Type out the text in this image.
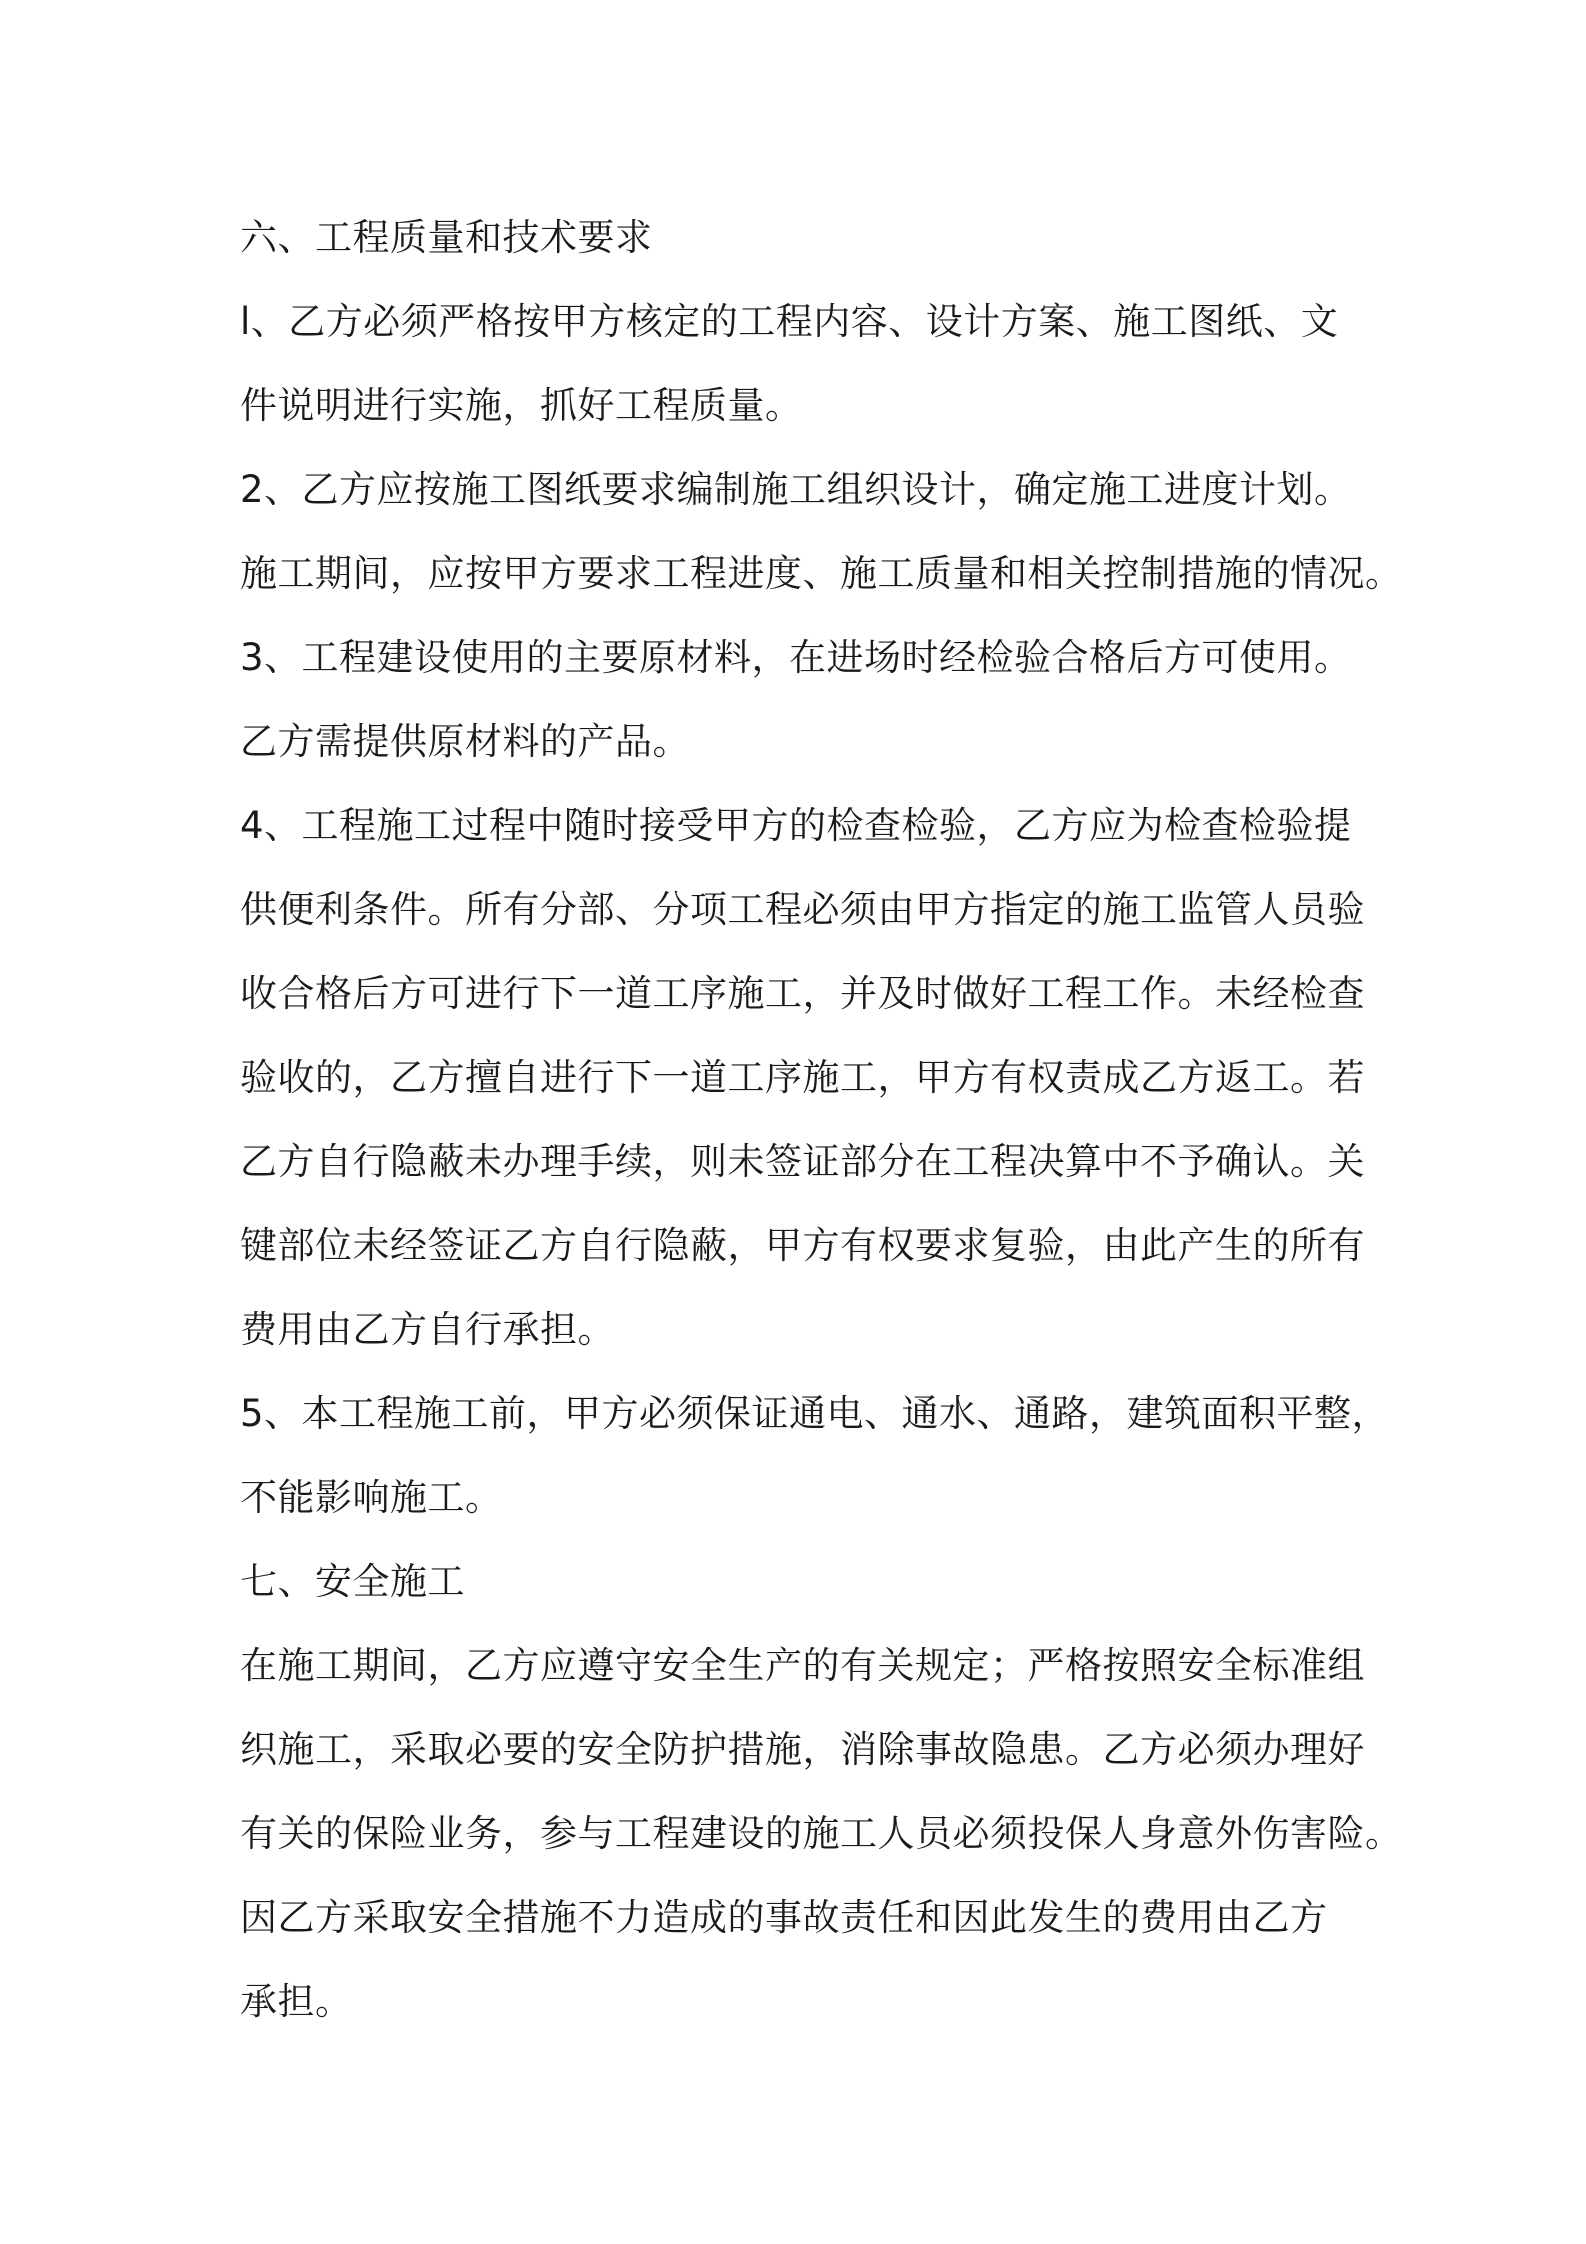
六、工程质量和技术要求
l、乙方必须严格按甲方核定的工程内容、设计方案、施工图纸、文
件说明进行实施，抓好工程质量。
2、乙方应按施工图纸要求编制施工组织设计，确定施工进度计划。
施工期间，应按甲方要求工程进度、施工质量和相关控制措施的情况。
3、工程建设使用的主要原材料，在进场时经检验合格后方可使用。
乙方需提供原材料的产品。
4、工程施工过程中随时接受甲方的检查检验，乙方应为检查检验提
供便利条件。所有分部、分项工程必须由甲方指定的施工监管人员验
收合格后方可进行下一道工序施工，并及时做好工程工作。未经检查
验收的，乙方擅自进行下一道工序施工，甲方有权责成乙方返工。若
乙方自行隐蔽未办理手续，则未签证部分在工程决算中不予确认。关
键部位未经签证乙方自行隐蔽，甲方有权要求复验，由此产生的所有
费用由乙方自行承担。
5、本工程施工前，甲方必须保证通电、通水、通路，建筑面积平整，
不能影响施工。
七、安全施工
在施工期间，乙方应遵守安全生产的有关规定；严格按照安全标准组
织施工，采取必要的安全防护措施，消除事故隐患。乙方必须办理好
有关的保险业务，参与工程建设的施工人员必须投保人身意外伤害险。
因乙方采取安全措施不力造成的事故责任和因此发生的费用由乙方
承担。
